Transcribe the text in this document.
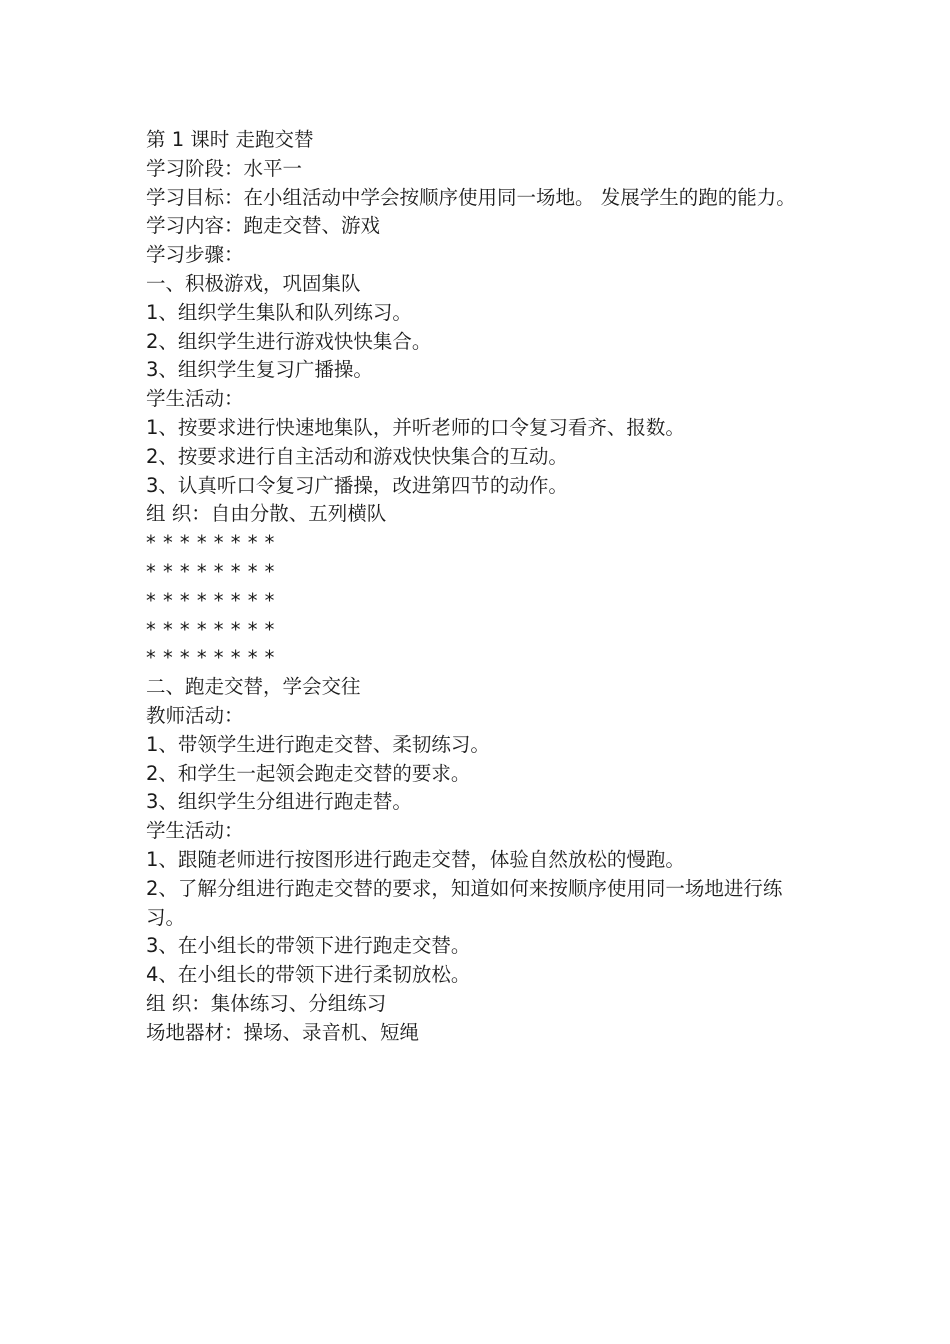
第 1 课时 走跑交替

学习阶段：水平一

学习目标：在小组活动中学会按顺序使用同一场地。 发展学生的跑的能力。

学习内容：跑走交替、游戏

学习步骤：

一、积极游戏，巩固集队

1、组织学生集队和队列练习。

2、组织学生进行游戏快快集合。

3、组织学生复习广播操。

学生活动：

1、按要求进行快速地集队，并听老师的口令复习看齐、报数。

2、按要求进行自主活动和游戏快快集合的互动。

3、认真听口令复习广播操，改进第四节的动作。

组 织：自由分散、五列横队

* * * * * * * *

* * * * * * * *

* * * * * * * *

* * * * * * * *

* * * * * * * *

二、跑走交替，学会交往

教师活动：

1、带领学生进行跑走交替、柔韧练习。

2、和学生一起领会跑走交替的要求。

3、组织学生分组进行跑走替。

学生活动：

1、跟随老师进行按图形进行跑走交替，体验自然放松的慢跑。

2、了解分组进行跑走交替的要求，知道如何来按顺序使用同一场地进行练习。

3、在小组长的带领下进行跑走交替。

4、在小组长的带领下进行柔韧放松。

组 织：集体练习、分组练习

场地器材：操场、录音机、短绳
